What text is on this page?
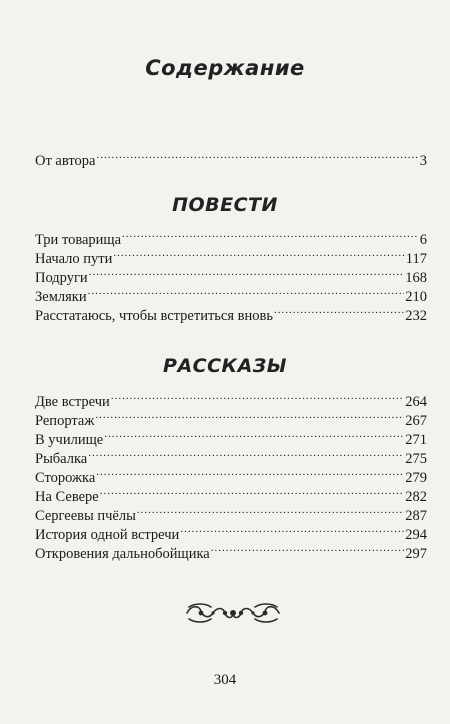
Содержание
От автора .....	3
ПОВЕСТИ
Три товарища .....	6
Начало пути .....	117
Подруги .....	168
Земляки .....	210
Расстатаюсь, чтобы встретиться вновь .....	232
РАССКАЗЫ
Две встречи .....	264
Репортаж .....	267
В училище .....	271
Рыбалка .....	275
Сторожка .....	279
На Севере .....	282
Сергеевы пчёлы .....	287
История одной встречи .....	294
Откровения дальнобойщика .....	297
304
